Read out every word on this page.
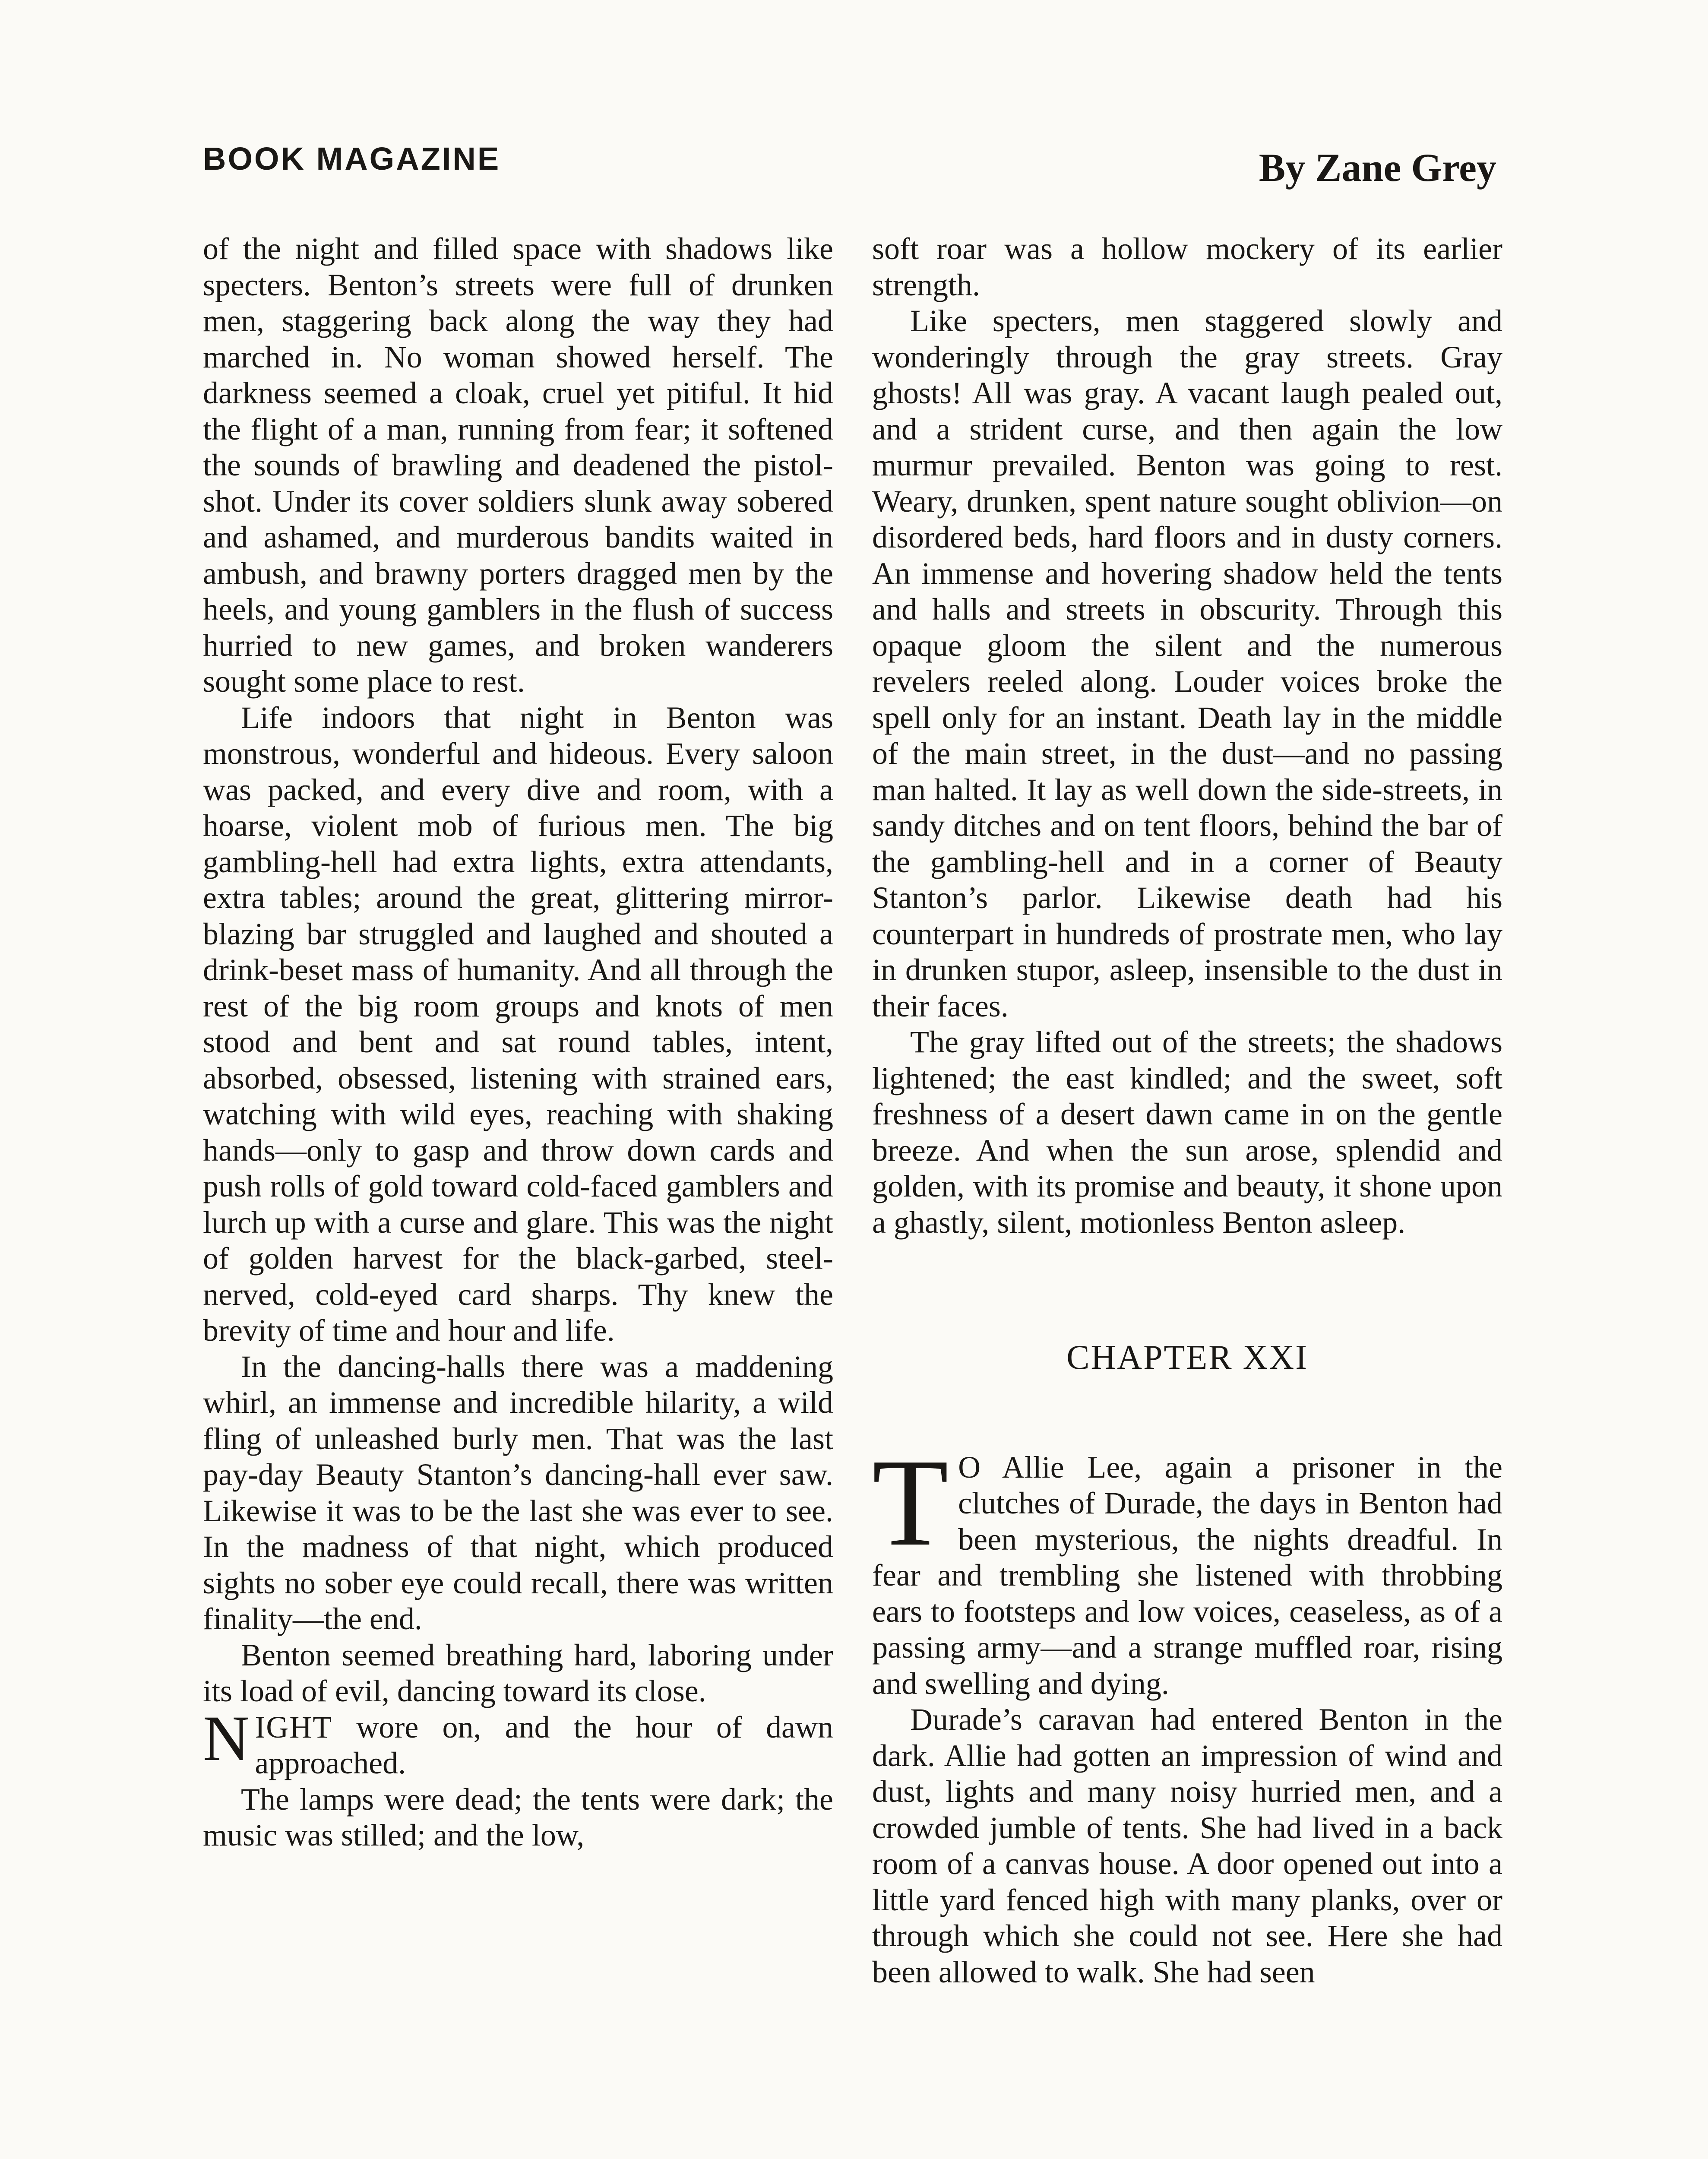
BOOK MAGAZINE	By Zane Grey

of the night and filled space with shadows like specters. Benton’s streets were full of drunken men, staggering back along the way they had marched in. No woman showed herself. The darkness seemed a cloak, cruel yet pitiful. It hid the flight of a man, running from fear; it softened the sounds of brawling and deadened the pistol-shot. Under its cover soldiers slunk away sobered and ashamed, and murderous bandits waited in ambush, and brawny porters dragged men by the heels, and young gamblers in the flush of success hurried to new games, and broken wanderers sought some place to rest.

Life indoors that night in Benton was monstrous, wonderful and hideous. Every saloon was packed, and every dive and room, with a hoarse, violent mob of furious men. The big gambling-hell had extra lights, extra attendants, extra tables; around the great, glittering mirror-blazing bar struggled and laughed and shouted a drink-beset mass of humanity. And all through the rest of the big room groups and knots of men stood and bent and sat round tables, intent, absorbed, obsessed, listening with strained ears, watching with wild eyes, reaching with shaking hands—only to gasp and throw down cards and push rolls of gold toward cold-faced gamblers and lurch up with a curse and glare. This was the night of golden harvest for the black-garbed, steel-nerved, cold-eyed card sharps. Thy knew the brevity of time and hour and life.

In the dancing-halls there was a maddening whirl, an immense and incredible hilarity, a wild fling of unleashed burly men. That was the last pay-day Beauty Stanton’s dancing-hall ever saw. Likewise it was to be the last she was ever to see. In the madness of that night, which produced sights no sober eye could recall, there was written finality—the end.

Benton seemed breathing hard, laboring under its load of evil, dancing toward its close.

NIGHT wore on, and the hour of dawn approached.

The lamps were dead; the tents were dark; the music was stilled; and the low,

soft roar was a hollow mockery of its earlier strength.

Like specters, men staggered slowly and wonderingly through the gray streets. Gray ghosts! All was gray. A vacant laugh pealed out, and a strident curse, and then again the low murmur prevailed. Benton was going to rest. Weary, drunken, spent nature sought oblivion—on disordered beds, hard floors and in dusty corners. An immense and hovering shadow held the tents and halls and streets in obscurity. Through this opaque gloom the silent and the numerous revelers reeled along. Louder voices broke the spell only for an instant. Death lay in the middle of the main street, in the dust—and no passing man halted. It lay as well down the side-streets, in sandy ditches and on tent floors, behind the bar of the gambling-hell and in a corner of Beauty Stanton’s parlor. Likewise death had his counterpart in hundreds of prostrate men, who lay in drunken stupor, asleep, insensible to the dust in their faces.

The gray lifted out of the streets; the shadows lightened; the east kindled; and the sweet, soft freshness of a desert dawn came in on the gentle breeze. And when the sun arose, splendid and golden, with its promise and beauty, it shone upon a ghastly, silent, motionless Benton asleep.

CHAPTER XXI

T O Allie Lee, again a prisoner in the clutches of Durade, the days in Benton had been mysterious, the nights dreadful. In fear and trembling she listened with throbbing ears to footsteps and low voices, ceaseless, as of a passing army—and a strange muffled roar, rising and swelling and dying.

Durade’s caravan had entered Benton in the dark. Allie had gotten an impression of wind and dust, lights and many noisy hurried men, and a crowded jumble of tents. She had lived in a back room of a canvas house. A door opened out into a little yard fenced high with many planks, over or through which she could not see. Here she had been allowed to walk. She had seen
